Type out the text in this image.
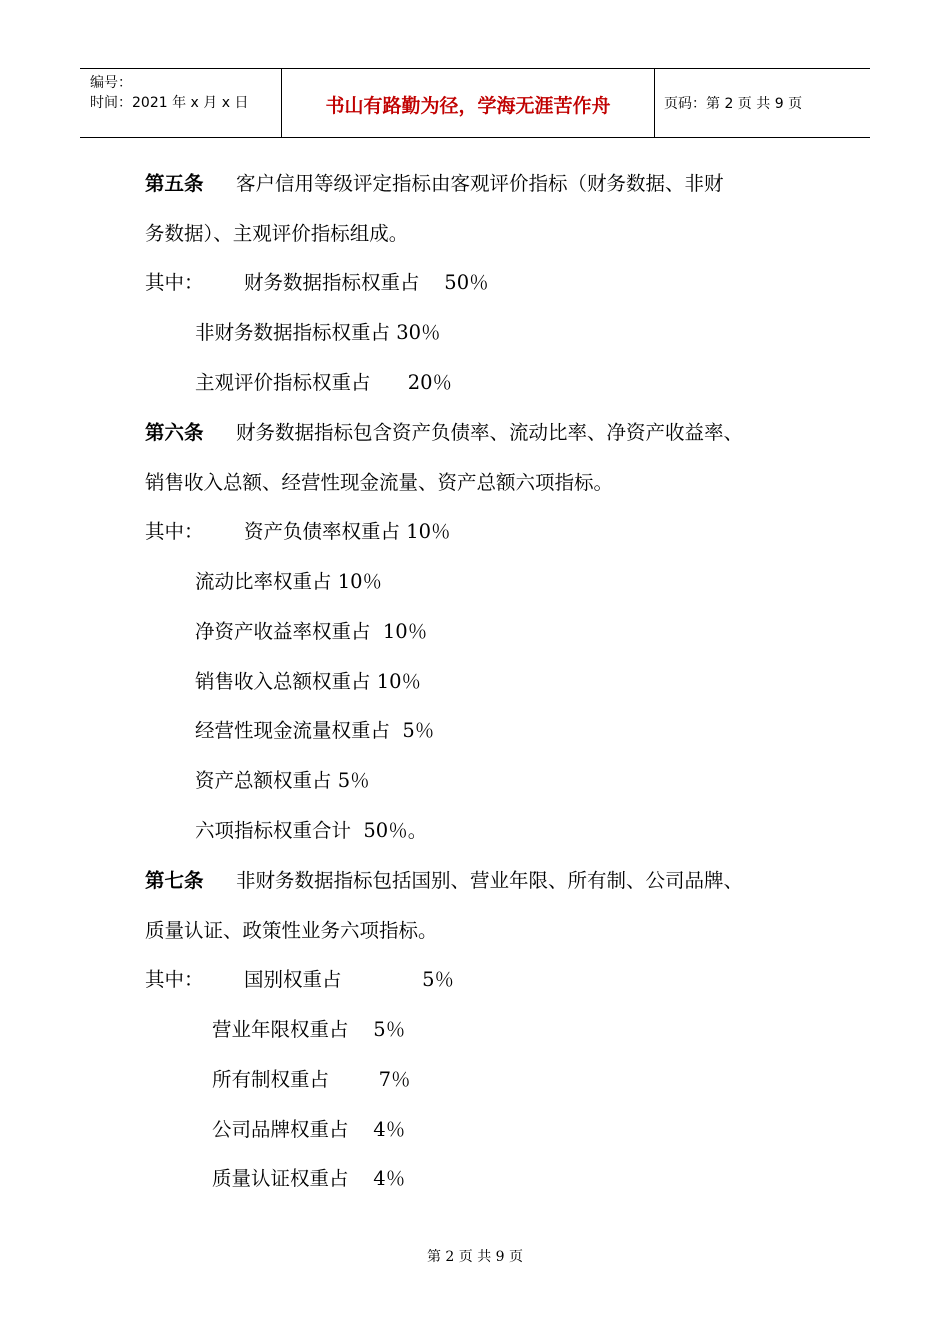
编号：
时间：2021 年 x 月 x 日	书山有路勤为径，学海无涯苦作舟	页码：第 2 页 共 9 页
第五条 客户信用等级评定指标由客观评价指标（财务数据、非财
务数据）、主观评价指标组成。
其中： 财务数据指标权重占    50％
非财务数据指标权重占 30％
主观评价指标权重占      20％
第六条 财务数据指标包含资产负债率、流动比率、净资产收益率、
销售收入总额、经营性现金流量、资产总额六项指标。
其中： 资产负债率权重占 10％
流动比率权重占 10％
净资产收益率权重占  10％
销售收入总额权重占 10％
经营性现金流量权重占  5％
资产总额权重占 5％
六项指标权重合计  50％。
第七条 非财务数据指标包括国别、营业年限、所有制、公司品牌、
质量认证、政策性业务六项指标。
其中： 国别权重占             5％
营业年限权重占    5％
所有制权重占        7％
公司品牌权重占    4％
质量认证权重占    4％
第 2 页 共 9 页
